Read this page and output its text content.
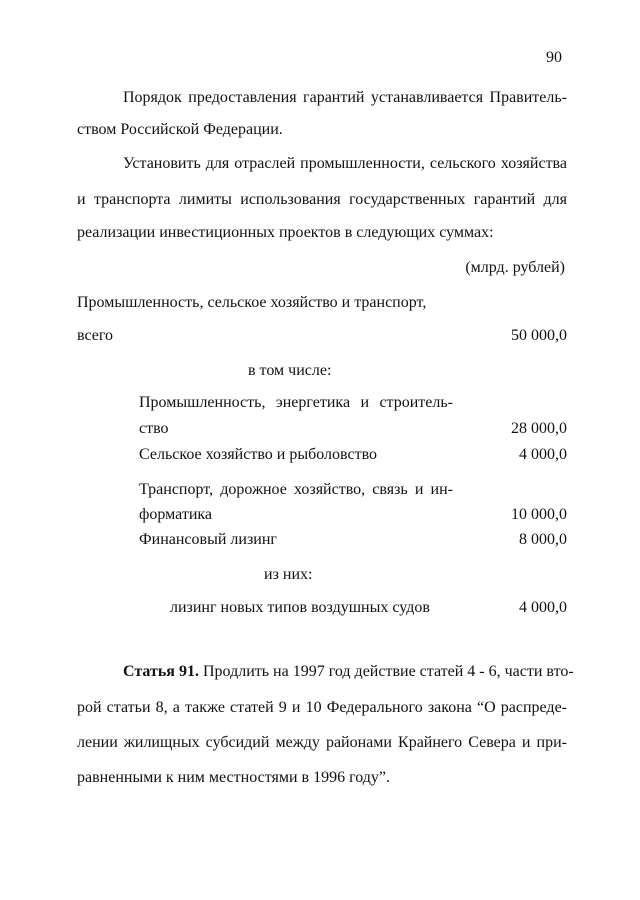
90
Порядок предоставления гарантий устанавливается Правитель-
ством Российской Федерации.
Установить для отраслей промышленности, сельского хозяйства
и транспорта лимиты использования государственных гарантий для
реализации инвестиционных проектов в следующих суммах:
(млрд. рублей)
Промышленность, сельское хозяйство и транспорт,
всего	50 000,0
в том числе:
Промышленность, энергетика и строитель-
ство	28 000,0
Сельское хозяйство и рыболовство	4 000,0
Транспорт, дорожное хозяйство, связь и ин-
форматика	10 000,0
Финансовый лизинг	8 000,0
из них:
лизинг новых типов воздушных судов	4 000,0
Статья 91. Продлить на 1997 год действие статей 4 - 6, части вто-
рой статьи 8, а также статей 9 и 10 Федерального закона “О распреде-
лении жилищных субсидий между районами Крайнего Севера и при-
равненными к ним местностями в 1996 году”.
